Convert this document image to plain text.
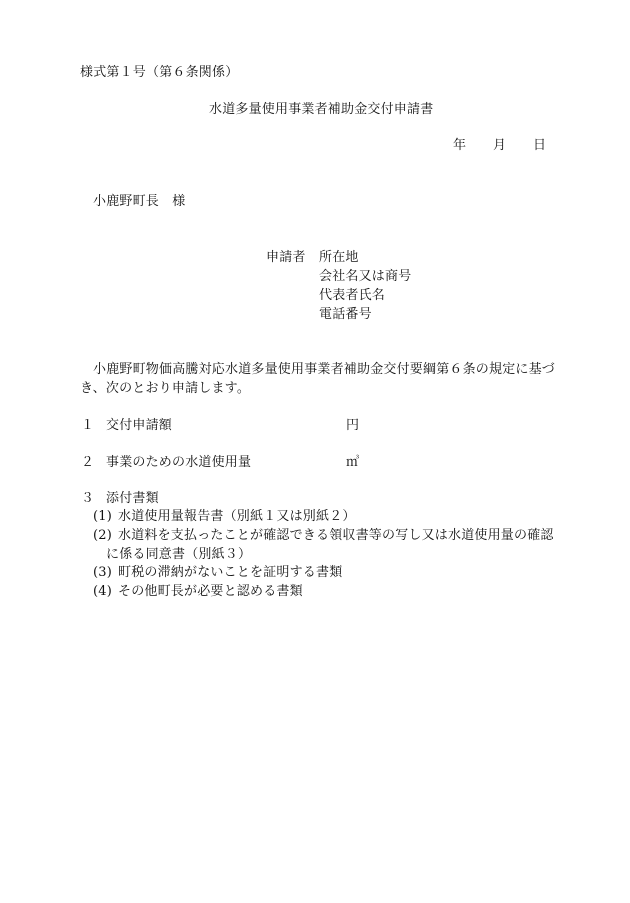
様式第１号（第６条関係）
水道多量使用事業者補助金交付申請書
年 月 日
小鹿野町長　様
申請者 所在地
会社名又は商号
代表者氏名
電話番号
小鹿野町物価高騰対応水道多量使用事業者補助金交付要綱第６条の規定に基づ
き、次のとおり申請します。
１ 交付申請額	円
２ 事業のための水道使用量	㎥
３ 添付書類
(1) 水道使用量報告書（別紙１又は別紙２）
(2) 水道料を支払ったことが確認できる領収書等の写し又は水道使用量の確認
に係る同意書（別紙３）
(3) 町税の滞納がないことを証明する書類
(4) その他町長が必要と認める書類
